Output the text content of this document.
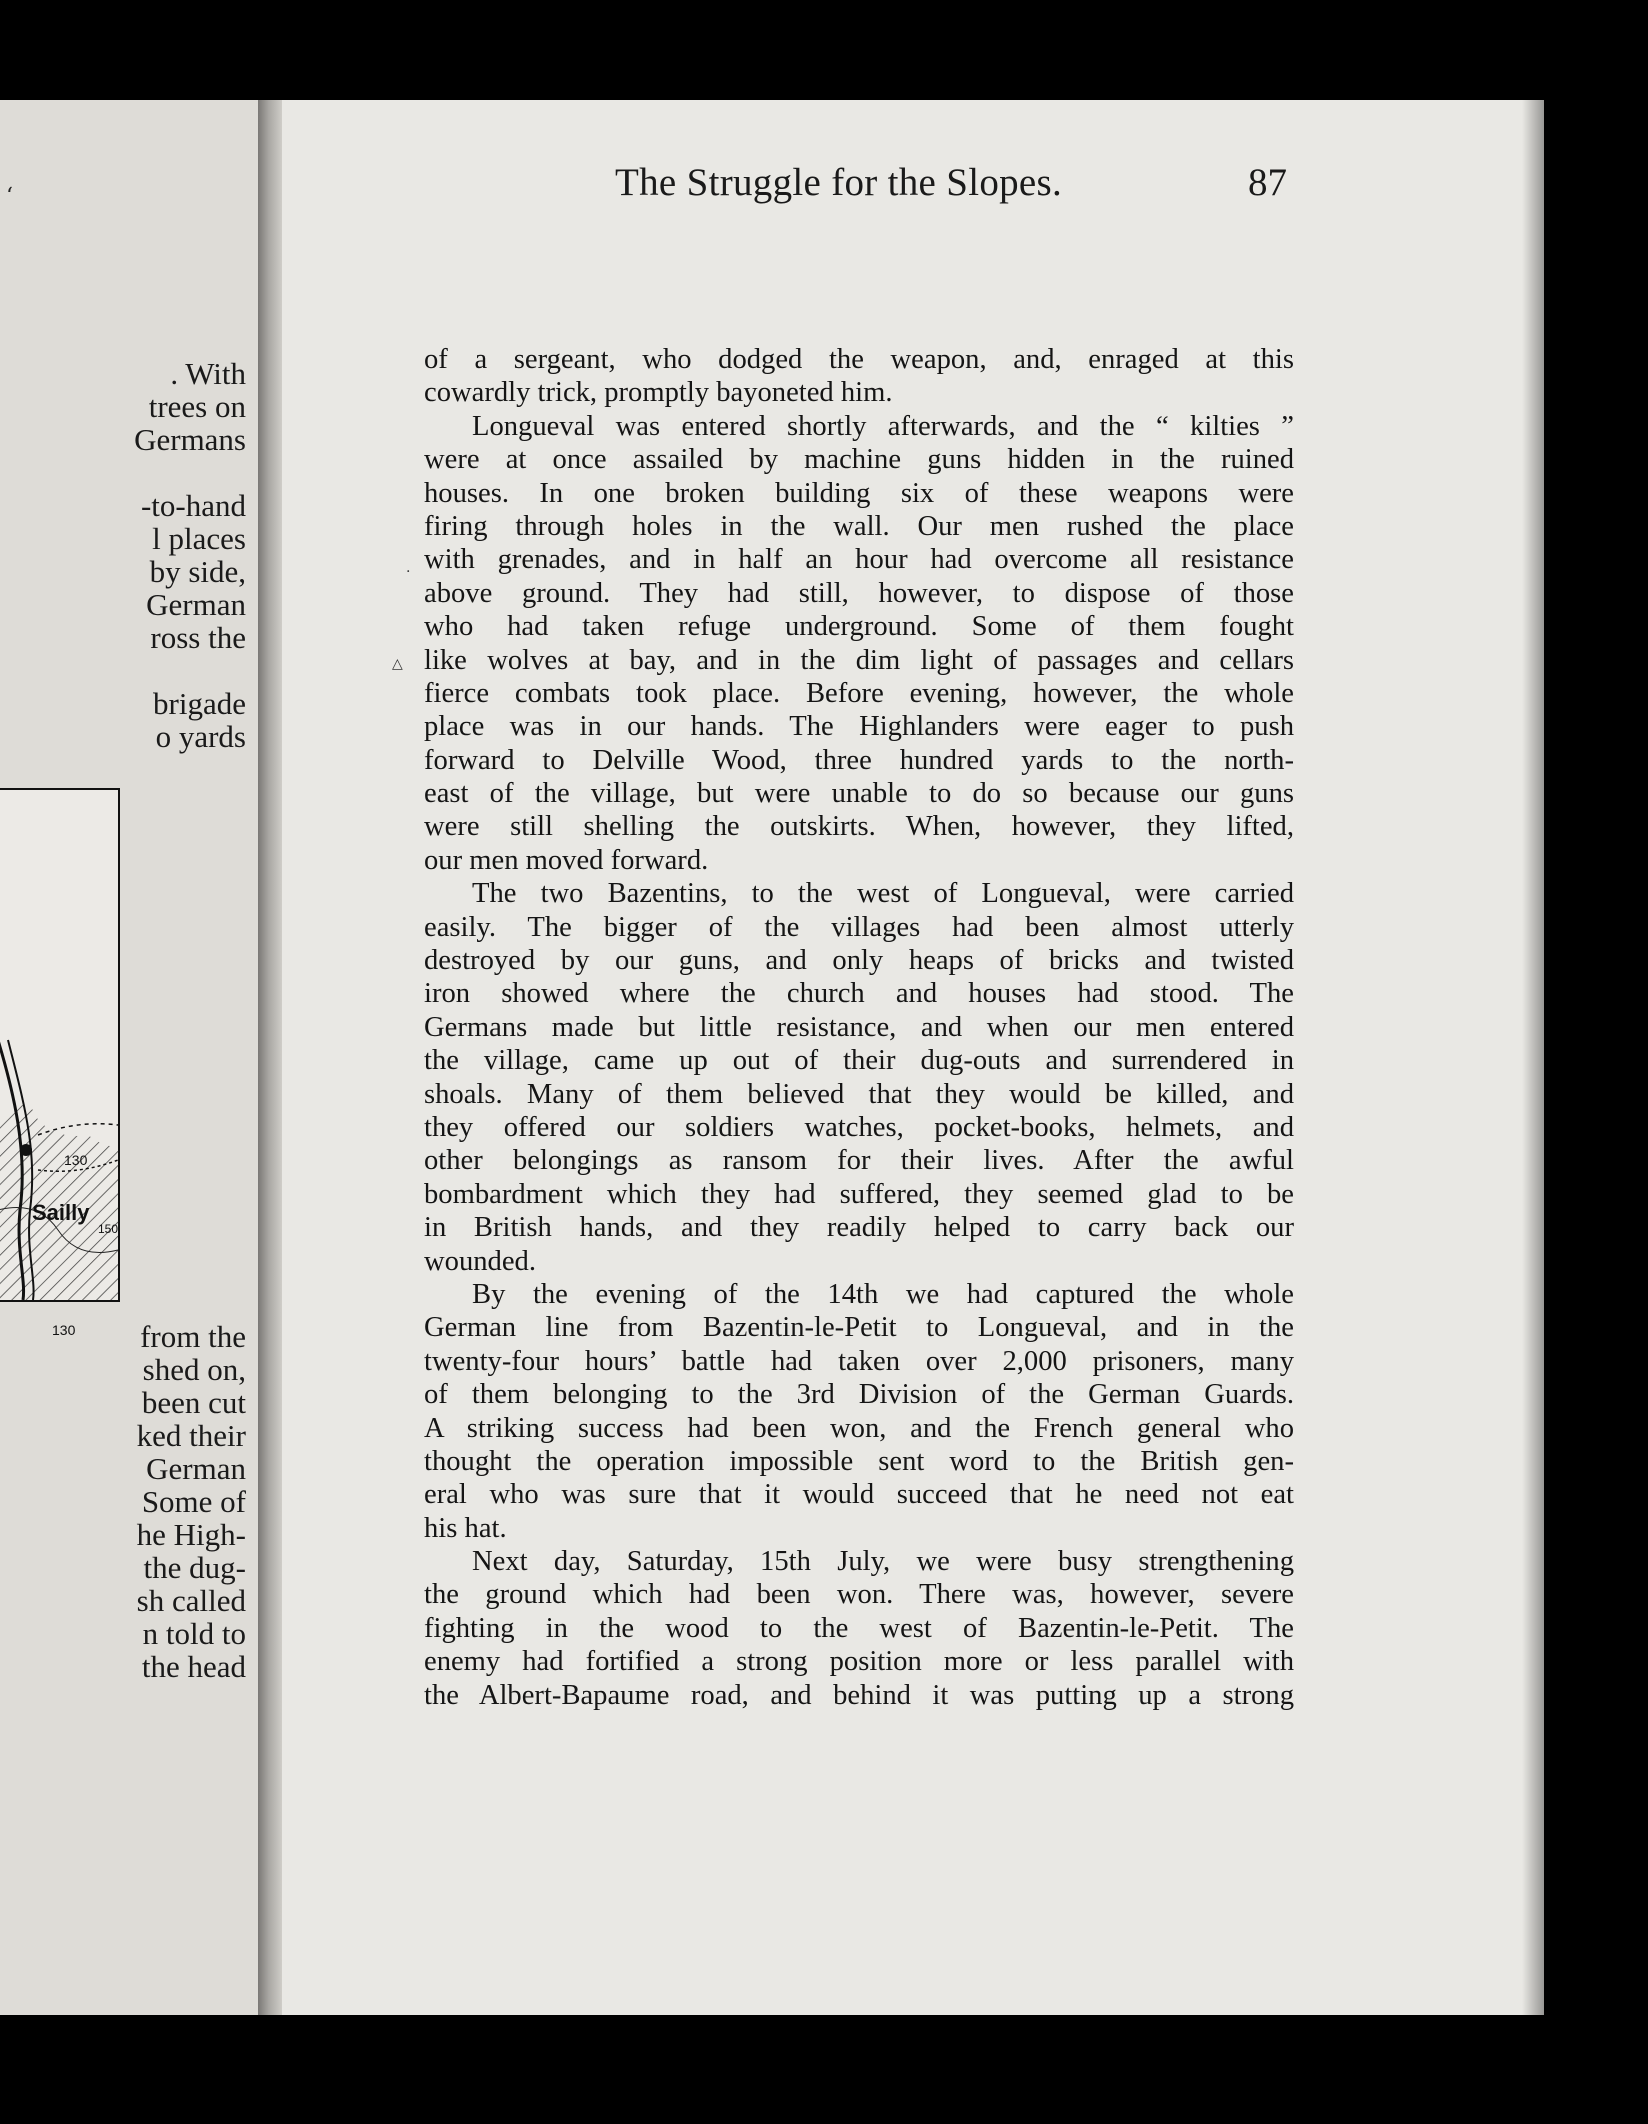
‘
. With
trees on
Germans
-to-hand
l places
by side,
German
ross the
brigade
o yards
130
Sailly
150
130	from the
shed on,
been cut
ked their
German
Some of
he High-
the dug-
sh called
n told to
the head
The Struggle for the Slopes.	87
of a sergeant, who dodged the weapon, and, enraged at this
cowardly trick, promptly bayoneted him.
Longueval was entered shortly afterwards, and the “ kilties ”
were at once assailed by machine guns hidden in the ruined
houses. In one broken building six of these weapons were
firing through holes in the wall. Our men rushed the place
with grenades, and in half an hour had overcome all resistance
above ground. They had still, however, to dispose of those
who had taken refuge underground. Some of them fought
like wolves at bay, and in the dim light of passages and cellars
fierce combats took place. Before evening, however, the whole
place was in our hands. The Highlanders were eager to push
forward to Delville Wood, three hundred yards to the north-
east of the village, but were unable to do so because our guns
were still shelling the outskirts. When, however, they lifted,
our men moved forward.
The two Bazentins, to the west of Longueval, were carried
easily. The bigger of the villages had been almost utterly
destroyed by our guns, and only heaps of bricks and twisted
iron showed where the church and houses had stood. The
Germans made but little resistance, and when our men entered
the village, came up out of their dug-outs and surrendered in
shoals. Many of them believed that they would be killed, and
they offered our soldiers watches, pocket-books, helmets, and
other belongings as ransom for their lives. After the awful
bombardment which they had suffered, they seemed glad to be
in British hands, and they readily helped to carry back our
wounded.
By the evening of the 14th we had captured the whole
German line from Bazentin-le-Petit to Longueval, and in the
twenty-four hours’ battle had taken over 2,000 prisoners, many
of them belonging to the 3rd Division of the German Guards.
A striking success had been won, and the French general who
thought the operation impossible sent word to the British gen-
eral who was sure that it would succeed that he need not eat
his hat.
Next day, Saturday, 15th July, we were busy strengthening
the ground which had been won. There was, however, severe
fighting in the wood to the west of Bazentin-le-Petit. The
enemy had fortified a strong position more or less parallel with
the Albert-Bapaume road, and behind it was putting up a strong
△
.
